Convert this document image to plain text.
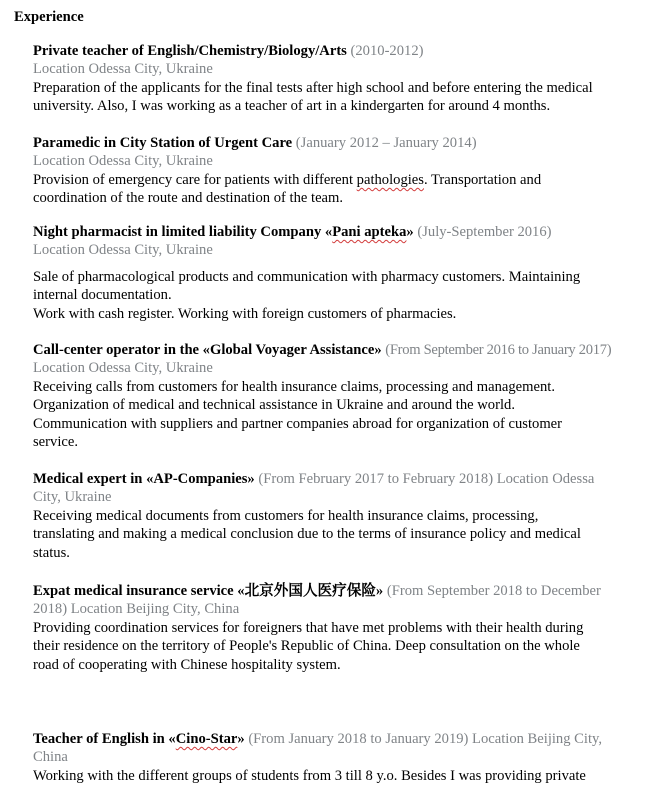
Experience
Private teacher of English/Chemistry/Biology/Arts (2010-2012)
Location Odessa City, Ukraine
Preparation of the applicants for the final tests after high school and before entering the medical
university. Also, I was working as a teacher of art in a kindergarten for around 4 months.
Paramedic in City Station of Urgent Care (January 2012 – January 2014)
Location Odessa City, Ukraine
Provision of emergency care for patients with different pathologies. Transportation and
coordination of the route and destination of the team.
Night pharmacist in limited liability Company «Pani apteka» (July-September 2016)
Location Odessa City, Ukraine
Sale of pharmacological products and communication with pharmacy customers. Maintaining
internal documentation.
Work with cash register. Working with foreign customers of pharmacies.
Call-center operator in the «Global Voyager Assistance» (From September 2016 to January 2017)
Location Odessa City, Ukraine
Receiving calls from customers for health insurance claims, processing and management.
Organization of medical and technical assistance in Ukraine and around the world.
Communication with suppliers and partner companies abroad for organization of customer
service.
Medical expert in «AP-Companies» (From February 2017 to February 2018) Location Odessa
City, Ukraine
Receiving medical documents from customers for health insurance claims, processing,
translating and making a medical conclusion due to the terms of insurance policy and medical
status.
Expat medical insurance service «北京外国人医疗保险» (From September 2018 to December
2018) Location Beijing City, China
Providing coordination services for foreigners that have met problems with their health during
their residence on the territory of People's Republic of China. Deep consultation on the whole
road of cooperating with Chinese hospitality system.
Teacher of English in «Cino-Star» (From January 2018 to January 2019) Location Beijing City,
China
Working with the different groups of students from 3 till 8 y.o. Besides I was providing private
